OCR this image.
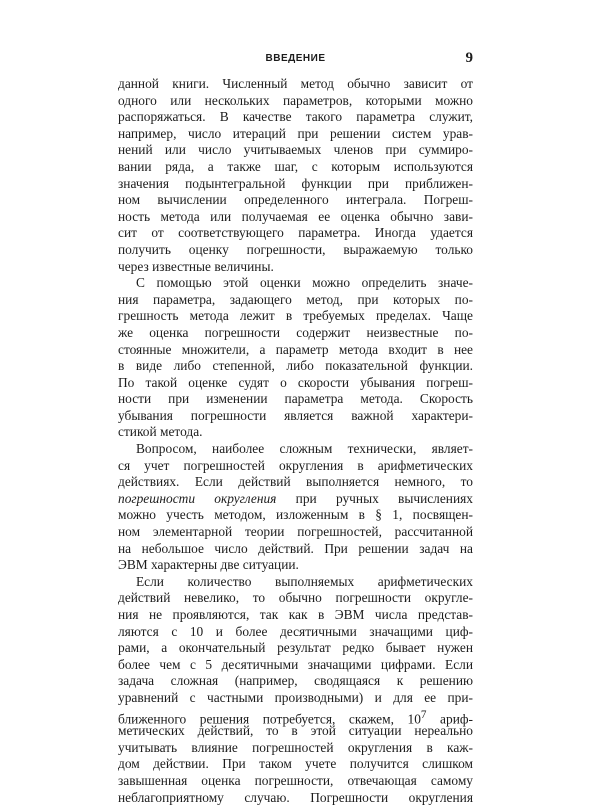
ВВЕДЕНИЕ	9
данной книги. Численный метод обычно зависит от
одного или нескольких параметров, которыми можно
распоряжаться. В качестве такого параметра служит,
например, число итераций при решении систем урав-
нений или число учитываемых членов при суммиро-
вании ряда, а также шаг, с которым используются
значения подынтегральной функции при приближен-
ном вычислении определенного интеграла. Погреш-
ность метода или получаемая ее оценка обычно зави-
сит от соответствующего параметра. Иногда удается
получить оценку погрешности, выражаемую только
через известные величины.
С помощью этой оценки можно определить значе-
ния параметра, задающего метод, при которых по-
грешность метода лежит в требуемых пределах. Чаще
же оценка погрешности содержит неизвестные по-
стоянные множители, а параметр метода входит в нее
в виде либо степенной, либо показательной функции.
По такой оценке судят о скорости убывания погреш-
ности при изменении параметра метода. Скорость
убывания погрешности является важной характери-
стикой метода.
Вопросом, наиболее сложным технически, являет-
ся учет погрешностей округления в арифметических
действиях. Если действий выполняется немного, то
погрешности округления при ручных вычислениях
можно учесть методом, изложенным в § 1, посвящен-
ном элементарной теории погрешностей, рассчитанной
на небольшое число действий. При решении задач на
ЭВМ характерны две ситуации.
Если количество выполняемых арифметических
действий невелико, то обычно погрешности округле-
ния не проявляются, так как в ЭВМ числа представ-
ляются с 10 и более десятичными значащими циф-
рами, а окончательный результат редко бывает нужен
более чем с 5 десятичными значащими цифрами. Если
задача сложная (например, сводящаяся к решению
уравнений с частными производными) и для ее при-
ближенного решения потребуется, скажем, $10^7$ ариф-
метических действий, то в этой ситуации нереально
учитывать влияние погрешностей округления в каж-
дом действии. При таком учете получится слишком
завышенная оценка погрешности, отвечающая самому
неблагоприятному случаю. Погрешности округления
